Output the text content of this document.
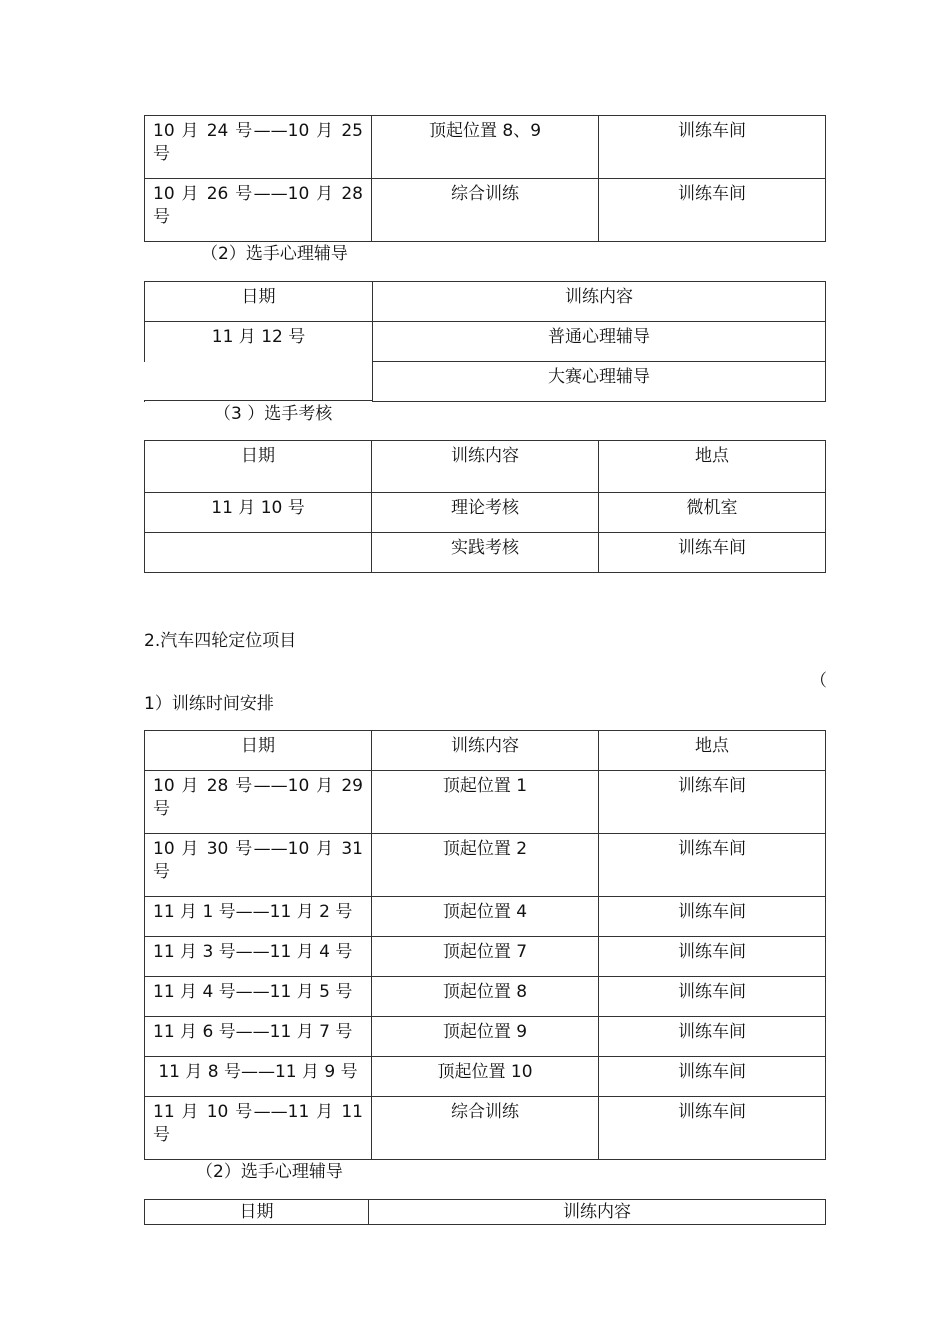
10 月 24 号——10 月 25 号	顶起位置 8、9	训练车间
10 月 26 号——10 月 28 号	综合训练	训练车间
（2）选手心理辅导
日期	训练内容
11 月 12 号	普通心理辅导
	大赛心理辅导
（3 ）选手考核
日期	训练内容	地点
11 月 10 号	理论考核	微机室
	实践考核	训练车间
2.汽车四轮定位项目
（
1）训练时间安排
日期	训练内容	地点
10 月 28 号——10 月 29 号	顶起位置 1	训练车间
10 月 30 号——10 月 31 号	顶起位置 2	训练车间
11 月 1 号——11 月 2 号	顶起位置 4	训练车间
11 月 3 号——11 月 4 号	顶起位置 7	训练车间
11 月 4 号——11 月 5 号	顶起位置 8	训练车间
11 月 6 号——11 月 7 号	顶起位置 9	训练车间
11 月 8 号——11 月 9 号	顶起位置 10	训练车间
11 月 10 号——11 月 11 号	综合训练	训练车间
（2）选手心理辅导
日期	训练内容
